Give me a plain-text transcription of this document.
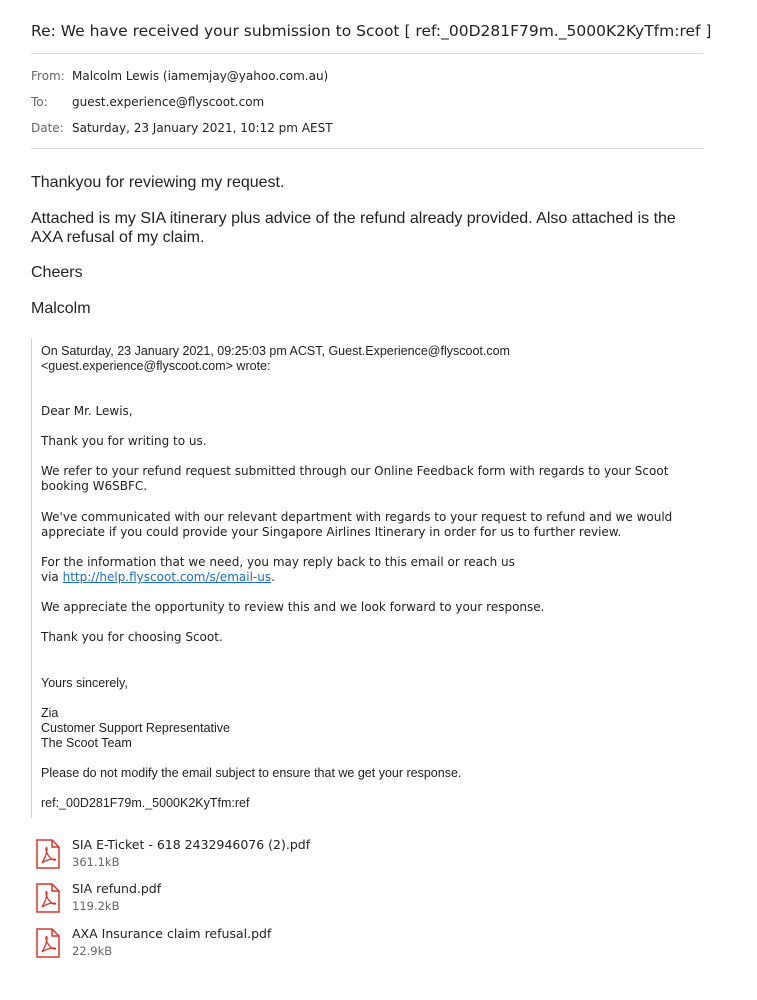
Re: We have received your submission to Scoot [ ref:_00D281F79m._5000K2KyTfm:ref ]
From: Malcolm Lewis (iamemjay@yahoo.com.au)
To: guest.experience@flyscoot.com
Date: Saturday, 23 January 2021, 10:12 pm AEST
Thankyou for reviewing my request.
Attached is my SIA itinerary plus advice of the refund already provided. Also attached is the AXA refusal of my claim.
Cheers
Malcolm
On Saturday, 23 January 2021, 09:25:03 pm ACST, Guest.Experience@flyscoot.com <guest.experience@flyscoot.com> wrote:
Dear Mr. Lewis,
Thank you for writing to us.
We refer to your refund request submitted through our Online Feedback form with regards to your Scoot booking W6SBFC.
We've communicated with our relevant department with regards to your request to refund and we would appreciate if you could provide your Singapore Airlines Itinerary in order for us to further review.
For the information that we need, you may reply back to this email or reach us
via http://help.flyscoot.com/s/email-us.
We appreciate the opportunity to review this and we look forward to your response.
Thank you for choosing Scoot.
Yours sincerely,
Zia
Customer Support Representative
The Scoot Team
Please do not modify the email subject to ensure that we get your response.
ref:_00D281F79m._5000K2KyTfm:ref
SIA E-Ticket - 618 2432946076 (2).pdf
361.1kB
SIA refund.pdf
119.2kB
AXA Insurance claim refusal.pdf
22.9kB
